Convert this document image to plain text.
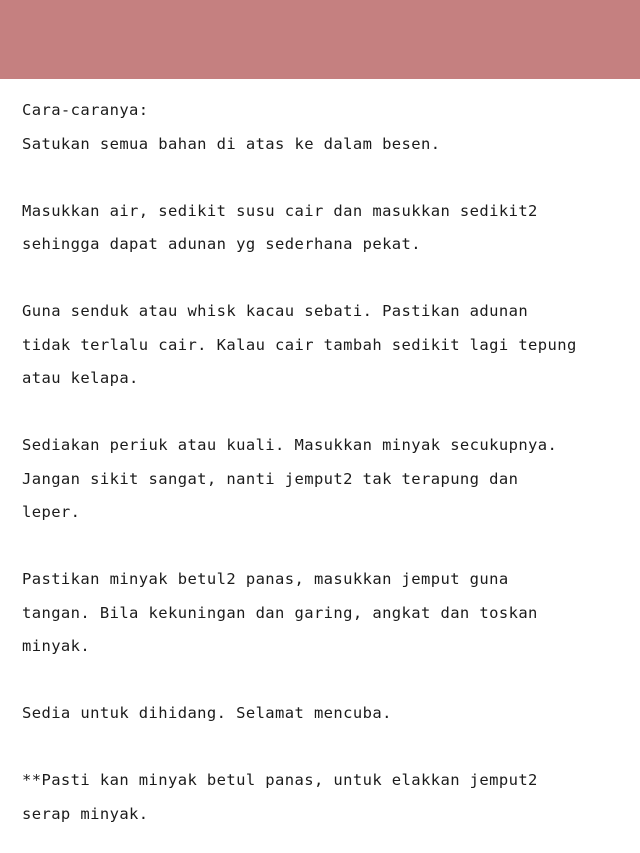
Cara-caranya:
Satukan semua bahan di atas ke dalam besen.
Masukkan air, sedikit susu cair dan masukkan sedikit2
sehingga dapat adunan yg sederhana pekat.
Guna senduk atau whisk kacau sebati. Pastikan adunan
tidak terlalu cair. Kalau cair tambah sedikit lagi tepung
atau kelapa.
Sediakan periuk atau kuali. Masukkan minyak secukupnya.
Jangan sikit sangat, nanti jemput2 tak terapung dan
leper.
Pastikan minyak betul2 panas, masukkan jemput guna
tangan. Bila kekuningan dan garing, angkat dan toskan
minyak.
Sedia untuk dihidang. Selamat mencuba.
**Pasti kan minyak betul panas, untuk elakkan jemput2
serap minyak.
